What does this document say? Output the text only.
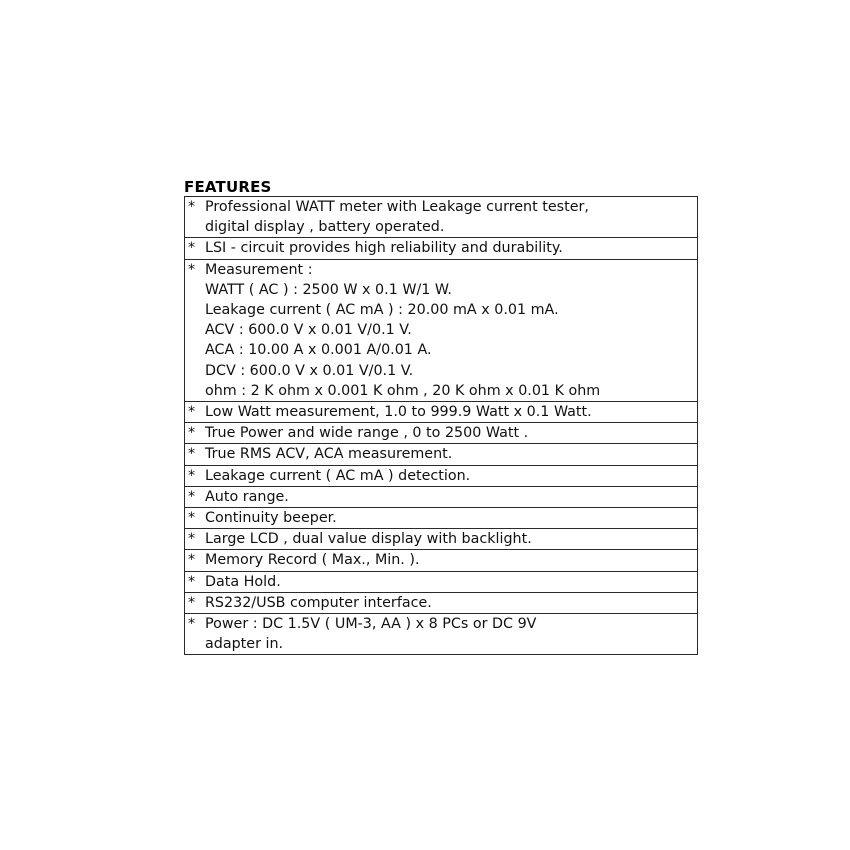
FEATURES
* Professional WATT meter with Leakage current tester,
digital display , battery operated.

* LSI - circuit provides high reliability and durability.

* Measurement :
WATT ( AC ) : 2500 W x 0.1 W/1 W.
Leakage current ( AC mA ) : 20.00 mA x 0.01 mA.
ACV : 600.0 V x 0.01 V/0.1 V.
ACA : 10.00 A x 0.001 A/0.01 A.
DCV : 600.0 V x 0.01 V/0.1 V.
ohm : 2 K ohm x 0.001 K ohm , 20 K ohm x 0.01 K ohm

* Low Watt measurement, 1.0 to 999.9 Watt x 0.1 Watt.

* True Power and wide range , 0 to 2500 Watt .

* True RMS ACV, ACA measurement.

* Leakage current ( AC mA ) detection.

* Auto range.

* Continuity beeper.

* Large LCD , dual value display with backlight.

* Memory Record ( Max., Min. ).

* Data Hold.

* RS232/USB computer interface.

* Power : DC 1.5V ( UM-3, AA ) x 8 PCs or DC 9V
adapter in.
